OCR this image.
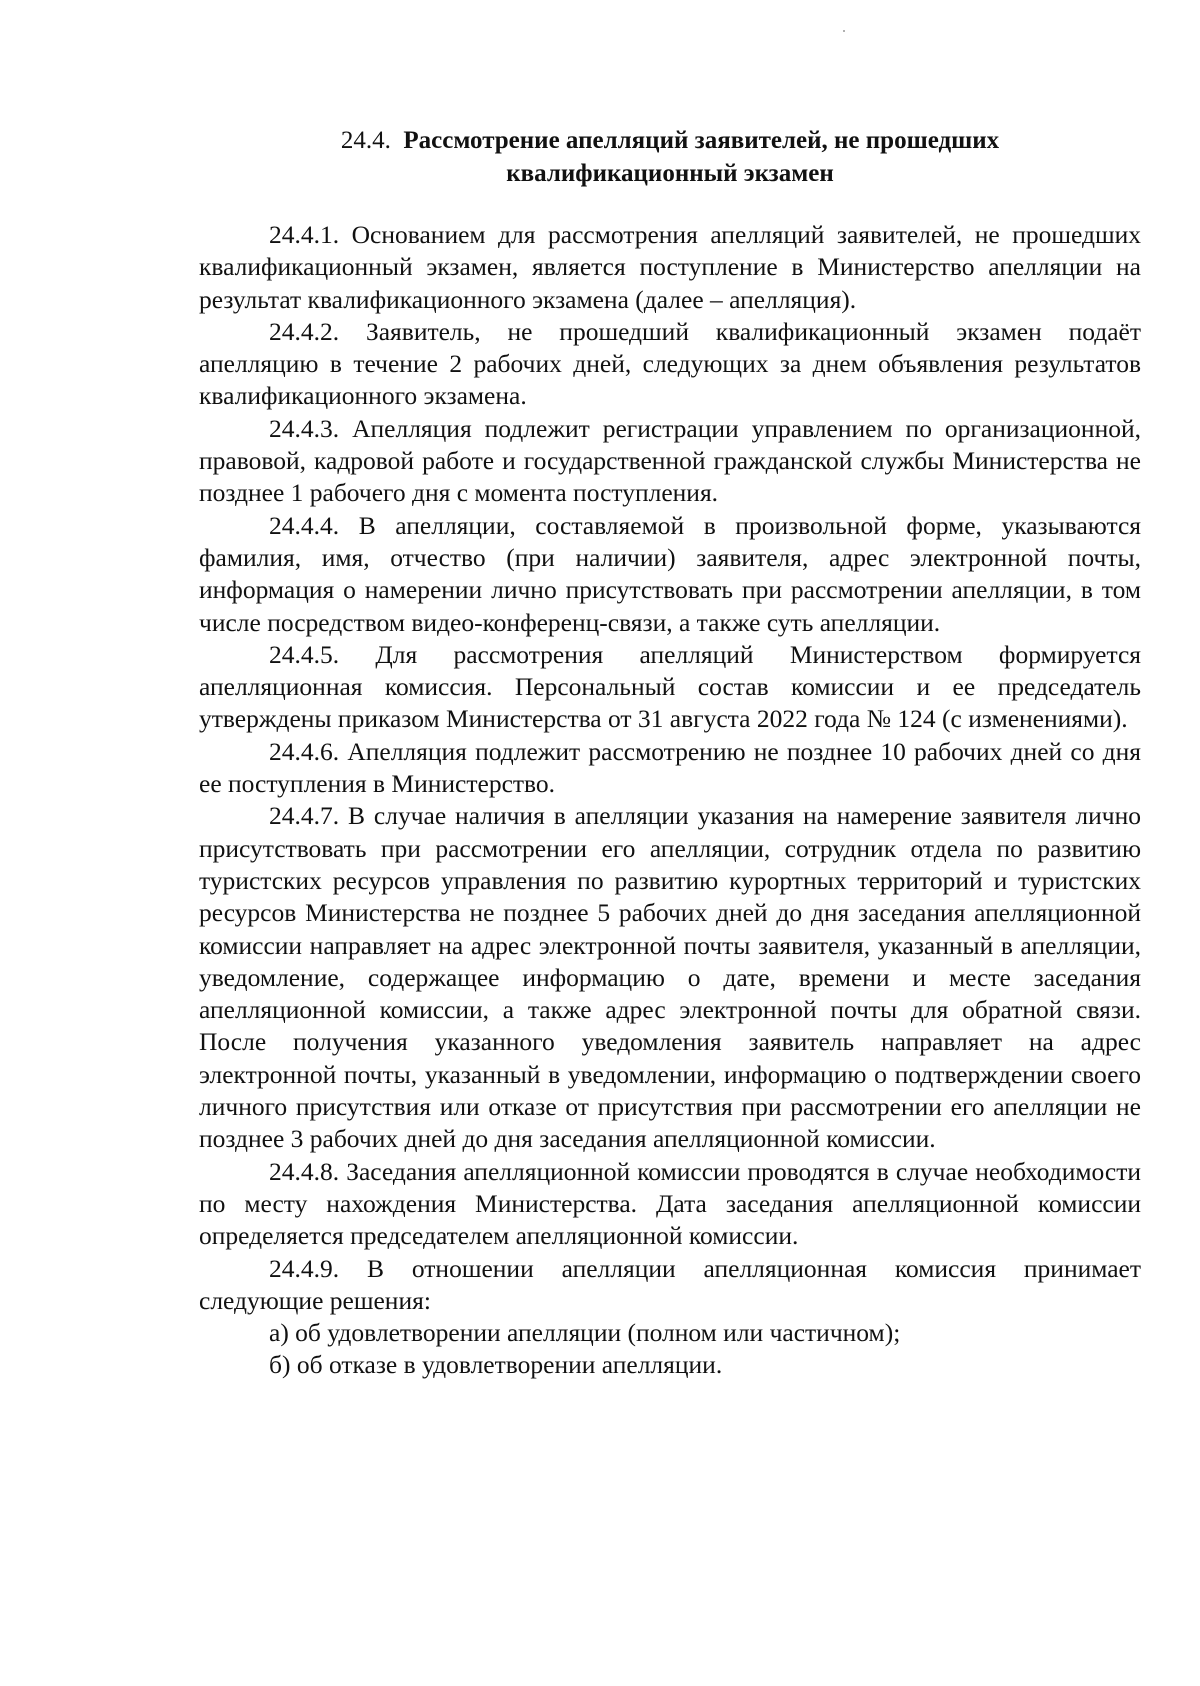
24.4. Рассмотрение апелляций заявителей, не прошедших
квалификационный экзамен

24.4.1. Основанием для рассмотрения апелляций заявителей, не прошедших квалификационный экзамен, является поступление в Министерство апелляции на результат квалификационного экзамена (далее – апелляция).

24.4.2. Заявитель, не прошедший квалификационный экзамен подаёт апелляцию в течение 2 рабочих дней, следующих за днем объявления результатов квалификационного экзамена.

24.4.3. Апелляция подлежит регистрации управлением по организационной, правовой, кадровой работе и государственной гражданской службы Министерства не позднее 1 рабочего дня с момента поступления.

24.4.4. В апелляции, составляемой в произвольной форме, указываются фамилия, имя, отчество (при наличии) заявителя, адрес электронной почты, информация о намерении лично присутствовать при рассмотрении апелляции, в том числе посредством видео-конференц-связи, а также суть апелляции.

24.4.5. Для рассмотрения апелляций Министерством формируется апелляционная комиссия. Персональный состав комиссии и ее председатель утверждены приказом Министерства от 31 августа 2022 года № 124 (с изменениями).

24.4.6. Апелляция подлежит рассмотрению не позднее 10 рабочих дней со дня ее поступления в Министерство.

24.4.7. В случае наличия в апелляции указания на намерение заявителя лично присутствовать при рассмотрении его апелляции, сотрудник отдела по развитию туристских ресурсов управления по развитию курортных территорий и туристских ресурсов Министерства не позднее 5 рабочих дней до дня заседания апелляционной комиссии направляет на адрес электронной почты заявителя, указанный в апелляции, уведомление, содержащее информацию о дате, времени и месте заседания апелляционной комиссии, а также адрес электронной почты для обратной связи. После получения указанного уведомления заявитель направляет на адрес электронной почты, указанный в уведомлении, информацию о подтверждении своего личного присутствия или отказе от присутствия при рассмотрении его апелляции не позднее 3 рабочих дней до дня заседания апелляционной комиссии.

24.4.8. Заседания апелляционной комиссии проводятся в случае необходимости по месту нахождения Министерства. Дата заседания апелляционной комиссии определяется председателем апелляционной комиссии.

24.4.9. В отношении апелляции апелляционная комиссия принимает следующие решения:

а) об удовлетворении апелляции (полном или частичном);

б) об отказе в удовлетворении апелляции.
